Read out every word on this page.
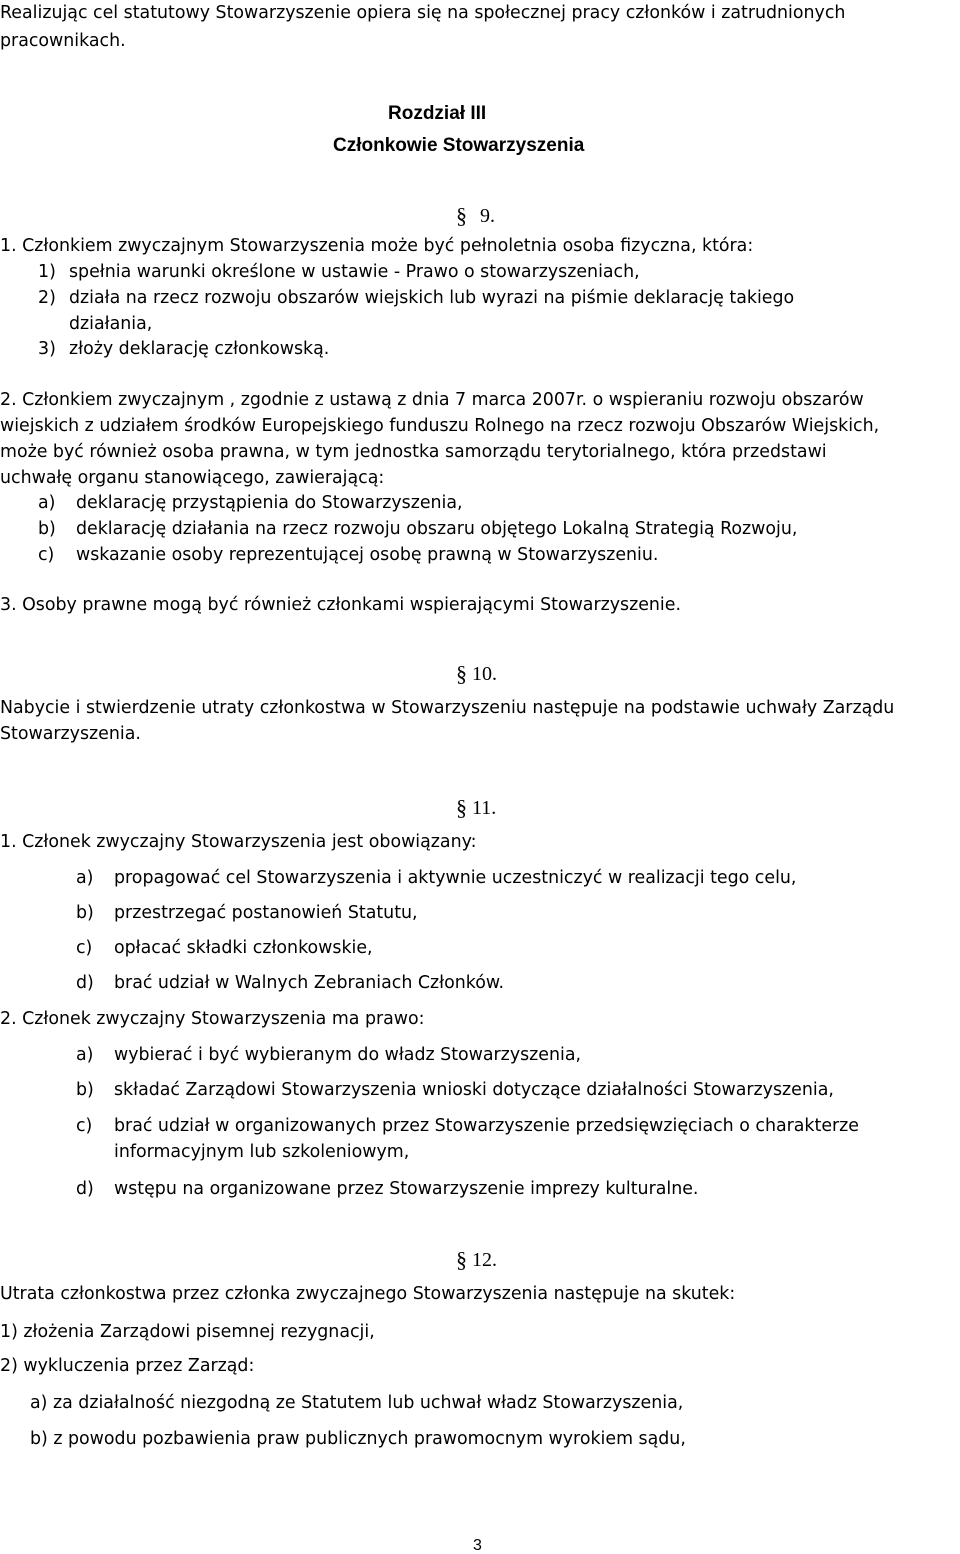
Realizując cel statutowy Stowarzyszenie opiera się na społecznej pracy członków i zatrudnionych
pracownikach.
Rozdział III
Członkowie Stowarzyszenia
§ 9.
1. Członkiem zwyczajnym Stowarzyszenia może być pełnoletnia osoba fizyczna, która:
1) spełnia warunki określone w ustawie - Prawo o stowarzyszeniach,
2) działa na rzecz rozwoju obszarów wiejskich lub wyrazi na piśmie deklarację takiego
działania,
3) złoży deklarację członkowską.
2. Członkiem zwyczajnym , zgodnie z ustawą z dnia 7 marca 2007r. o wspieraniu rozwoju obszarów
wiejskich z udziałem środków Europejskiego funduszu Rolnego na rzecz rozwoju Obszarów Wiejskich,
może być również osoba prawna, w tym jednostka samorządu terytorialnego, która przedstawi
uchwałę organu stanowiącego, zawierającą:
a) deklarację przystąpienia do Stowarzyszenia,
b) deklarację działania na rzecz rozwoju obszaru objętego Lokalną Strategią Rozwoju,
c) wskazanie osoby reprezentującej osobę prawną w Stowarzyszeniu.
3. Osoby prawne mogą być również członkami wspierającymi Stowarzyszenie.
§ 10.
Nabycie i stwierdzenie utraty członkostwa w Stowarzyszeniu następuje na podstawie uchwały Zarządu
Stowarzyszenia.
§ 11.
1. Członek zwyczajny Stowarzyszenia jest obowiązany:
a) propagować cel Stowarzyszenia i aktywnie uczestniczyć w realizacji tego celu,
b) przestrzegać postanowień Statutu,
c) opłacać składki członkowskie,
d) brać udział w Walnych Zebraniach Członków.
2. Członek zwyczajny Stowarzyszenia ma prawo:
a) wybierać i być wybieranym do władz Stowarzyszenia,
b) składać Zarządowi Stowarzyszenia wnioski dotyczące działalności Stowarzyszenia,
c) brać udział w organizowanych przez Stowarzyszenie przedsięwzięciach o charakterze
informacyjnym lub szkoleniowym,
d) wstępu na organizowane przez Stowarzyszenie imprezy kulturalne.
§ 12.
Utrata członkostwa przez członka zwyczajnego Stowarzyszenia następuje na skutek:
1) złożenia Zarządowi pisemnej rezygnacji,
2) wykluczenia przez Zarząd:
a) za działalność niezgodną ze Statutem lub uchwał władz Stowarzyszenia,
b) z powodu pozbawienia praw publicznych prawomocnym wyrokiem sądu,
3
